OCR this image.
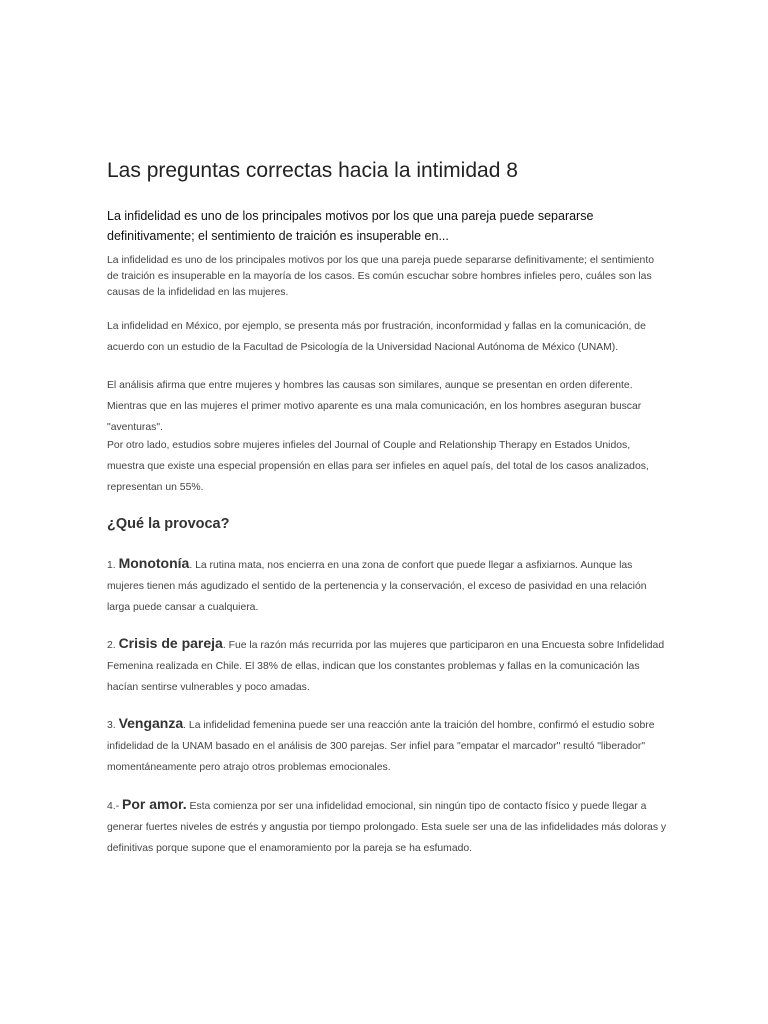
Las preguntas correctas hacia la intimidad 8

La infidelidad es uno de los principales motivos por los que una pareja puede separarse definitivamente; el sentimiento de traición es insuperable en...

La infidelidad es uno de los principales motivos por los que una pareja puede separarse definitivamente; el sentimiento de traición es insuperable en la mayoría de los casos. Es común escuchar sobre hombres infieles pero, cuáles son las causas de la infidelidad en las mujeres.

La infidelidad en México, por ejemplo, se presenta más por frustración, inconformidad y fallas en la comunicación, de acuerdo con un estudio de la Facultad de Psicología de la Universidad Nacional Autónoma de México (UNAM).

El análisis afirma que entre mujeres y hombres las causas son similares, aunque se presentan en orden diferente. Mientras que en las mujeres el primer motivo aparente es una mala comunicación, en los hombres aseguran buscar "aventuras".

Por otro lado, estudios sobre mujeres infieles del Journal of Couple and Relationship Therapy en Estados Unidos, muestra que existe una especial propensión en ellas para ser infieles en aquel país, del total de los casos analizados, representan un 55%.

¿Qué la provoca?

1. Monotonía. La rutina mata, nos encierra en una zona de confort que puede llegar a asfixiarnos. Aunque las mujeres tienen más agudizado el sentido de la pertenencia y la conservación, el exceso de pasividad en una relación larga puede cansar a cualquiera.

2. Crisis de pareja. Fue la razón más recurrida por las mujeres que participaron en una Encuesta sobre Infidelidad Femenina realizada en Chile. El 38% de ellas, indican que los constantes problemas y fallas en la comunicación las hacían sentirse vulnerables y poco amadas.

3. Venganza. La infidelidad femenina puede ser una reacción ante la traición del hombre, confirmó el estudio sobre infidelidad de la UNAM basado en el análisis de 300 parejas. Ser infiel para "empatar el marcador" resultó "liberador" momentáneamente pero atrajo otros problemas emocionales.

4.- Por amor. Esta comienza por ser una infidelidad emocional, sin ningún tipo de contacto físico y puede llegar a generar fuertes niveles de estrés y angustia por tiempo prolongado. Esta suele ser una de las infidelidades más doloras y definitivas porque supone que el enamoramiento por la pareja se ha esfumado.
